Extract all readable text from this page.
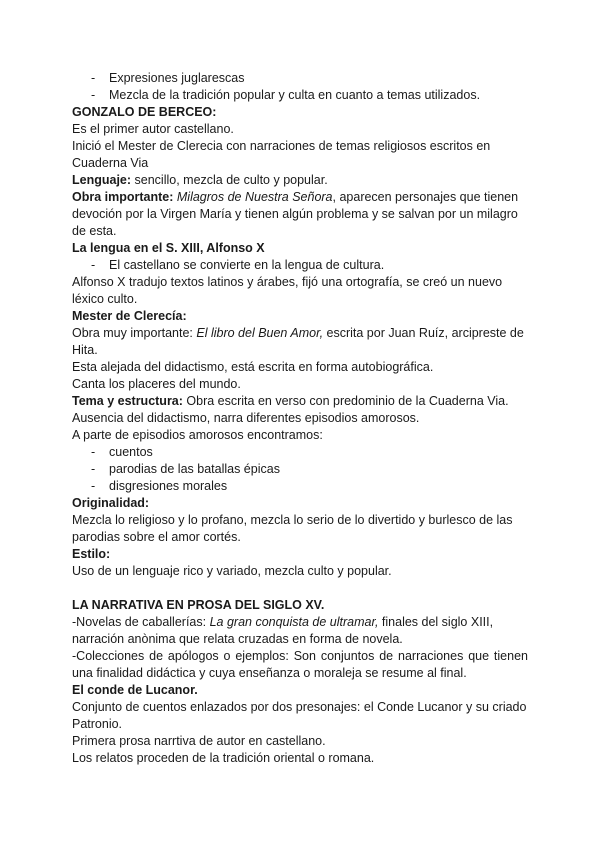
- Expresiones juglarescas

- Mezcla de la tradición popular y culta en cuanto a temas utilizados.

GONZALO DE BERCEO:

Es el primer autor castellano.

Inició el Mester de Clerecia con narraciones de temas religiosos escritos en

Cuaderna Via

Lenguaje: sencillo, mezcla de culto y popular.

Obra importante: Milagros de Nuestra Señora, aparecen personajes que tienen devoción por la Virgen María y tienen algún problema y se salvan por un milagro de esta.

La lengua en el S. XIII, Alfonso X

- El castellano se convierte en la lengua de cultura.

Alfonso X tradujo textos latinos y árabes, fijó una ortografía, se creó un nuevo léxico culto.

Mester de Clerecía:

Obra muy importante: El libro del Buen Amor, escrita por Juan Ruíz, arcipreste de Hita.

Esta alejada del didactismo, está escrita en forma autobiográfica.

Canta los placeres del mundo.

Tema y estructura: Obra escrita en verso con predominio de la Cuaderna Via.

Ausencia del didactismo, narra diferentes episodios amorosos.

A parte de episodios amorosos encontramos:

- cuentos

- parodias de las batallas épicas

- disgresiones morales

Originalidad:

Mezcla lo religioso y lo profano, mezcla lo serio de lo divertido y burlesco de las parodias sobre el amor cortés.

Estilo:

Uso de un lenguaje rico y variado, mezcla culto y popular.

LA NARRATIVA EN PROSA DEL SIGLO XV.

-Novelas de caballerías: La gran conquista de ultramar, finales del siglo XIII, narración anònima que relata cruzadas en forma de novela.

-Colecciones de apólogos o ejemplos: Son conjuntos de narraciones que tienen una finalidad didáctica y cuya enseñanza o moraleja se resume al final.

El conde de Lucanor.

Conjunto de cuentos enlazados por dos presonajes: el Conde Lucanor y su criado Patronio.

Primera prosa narrtiva de autor en castellano.

Los relatos proceden de la tradición oriental o romana.
